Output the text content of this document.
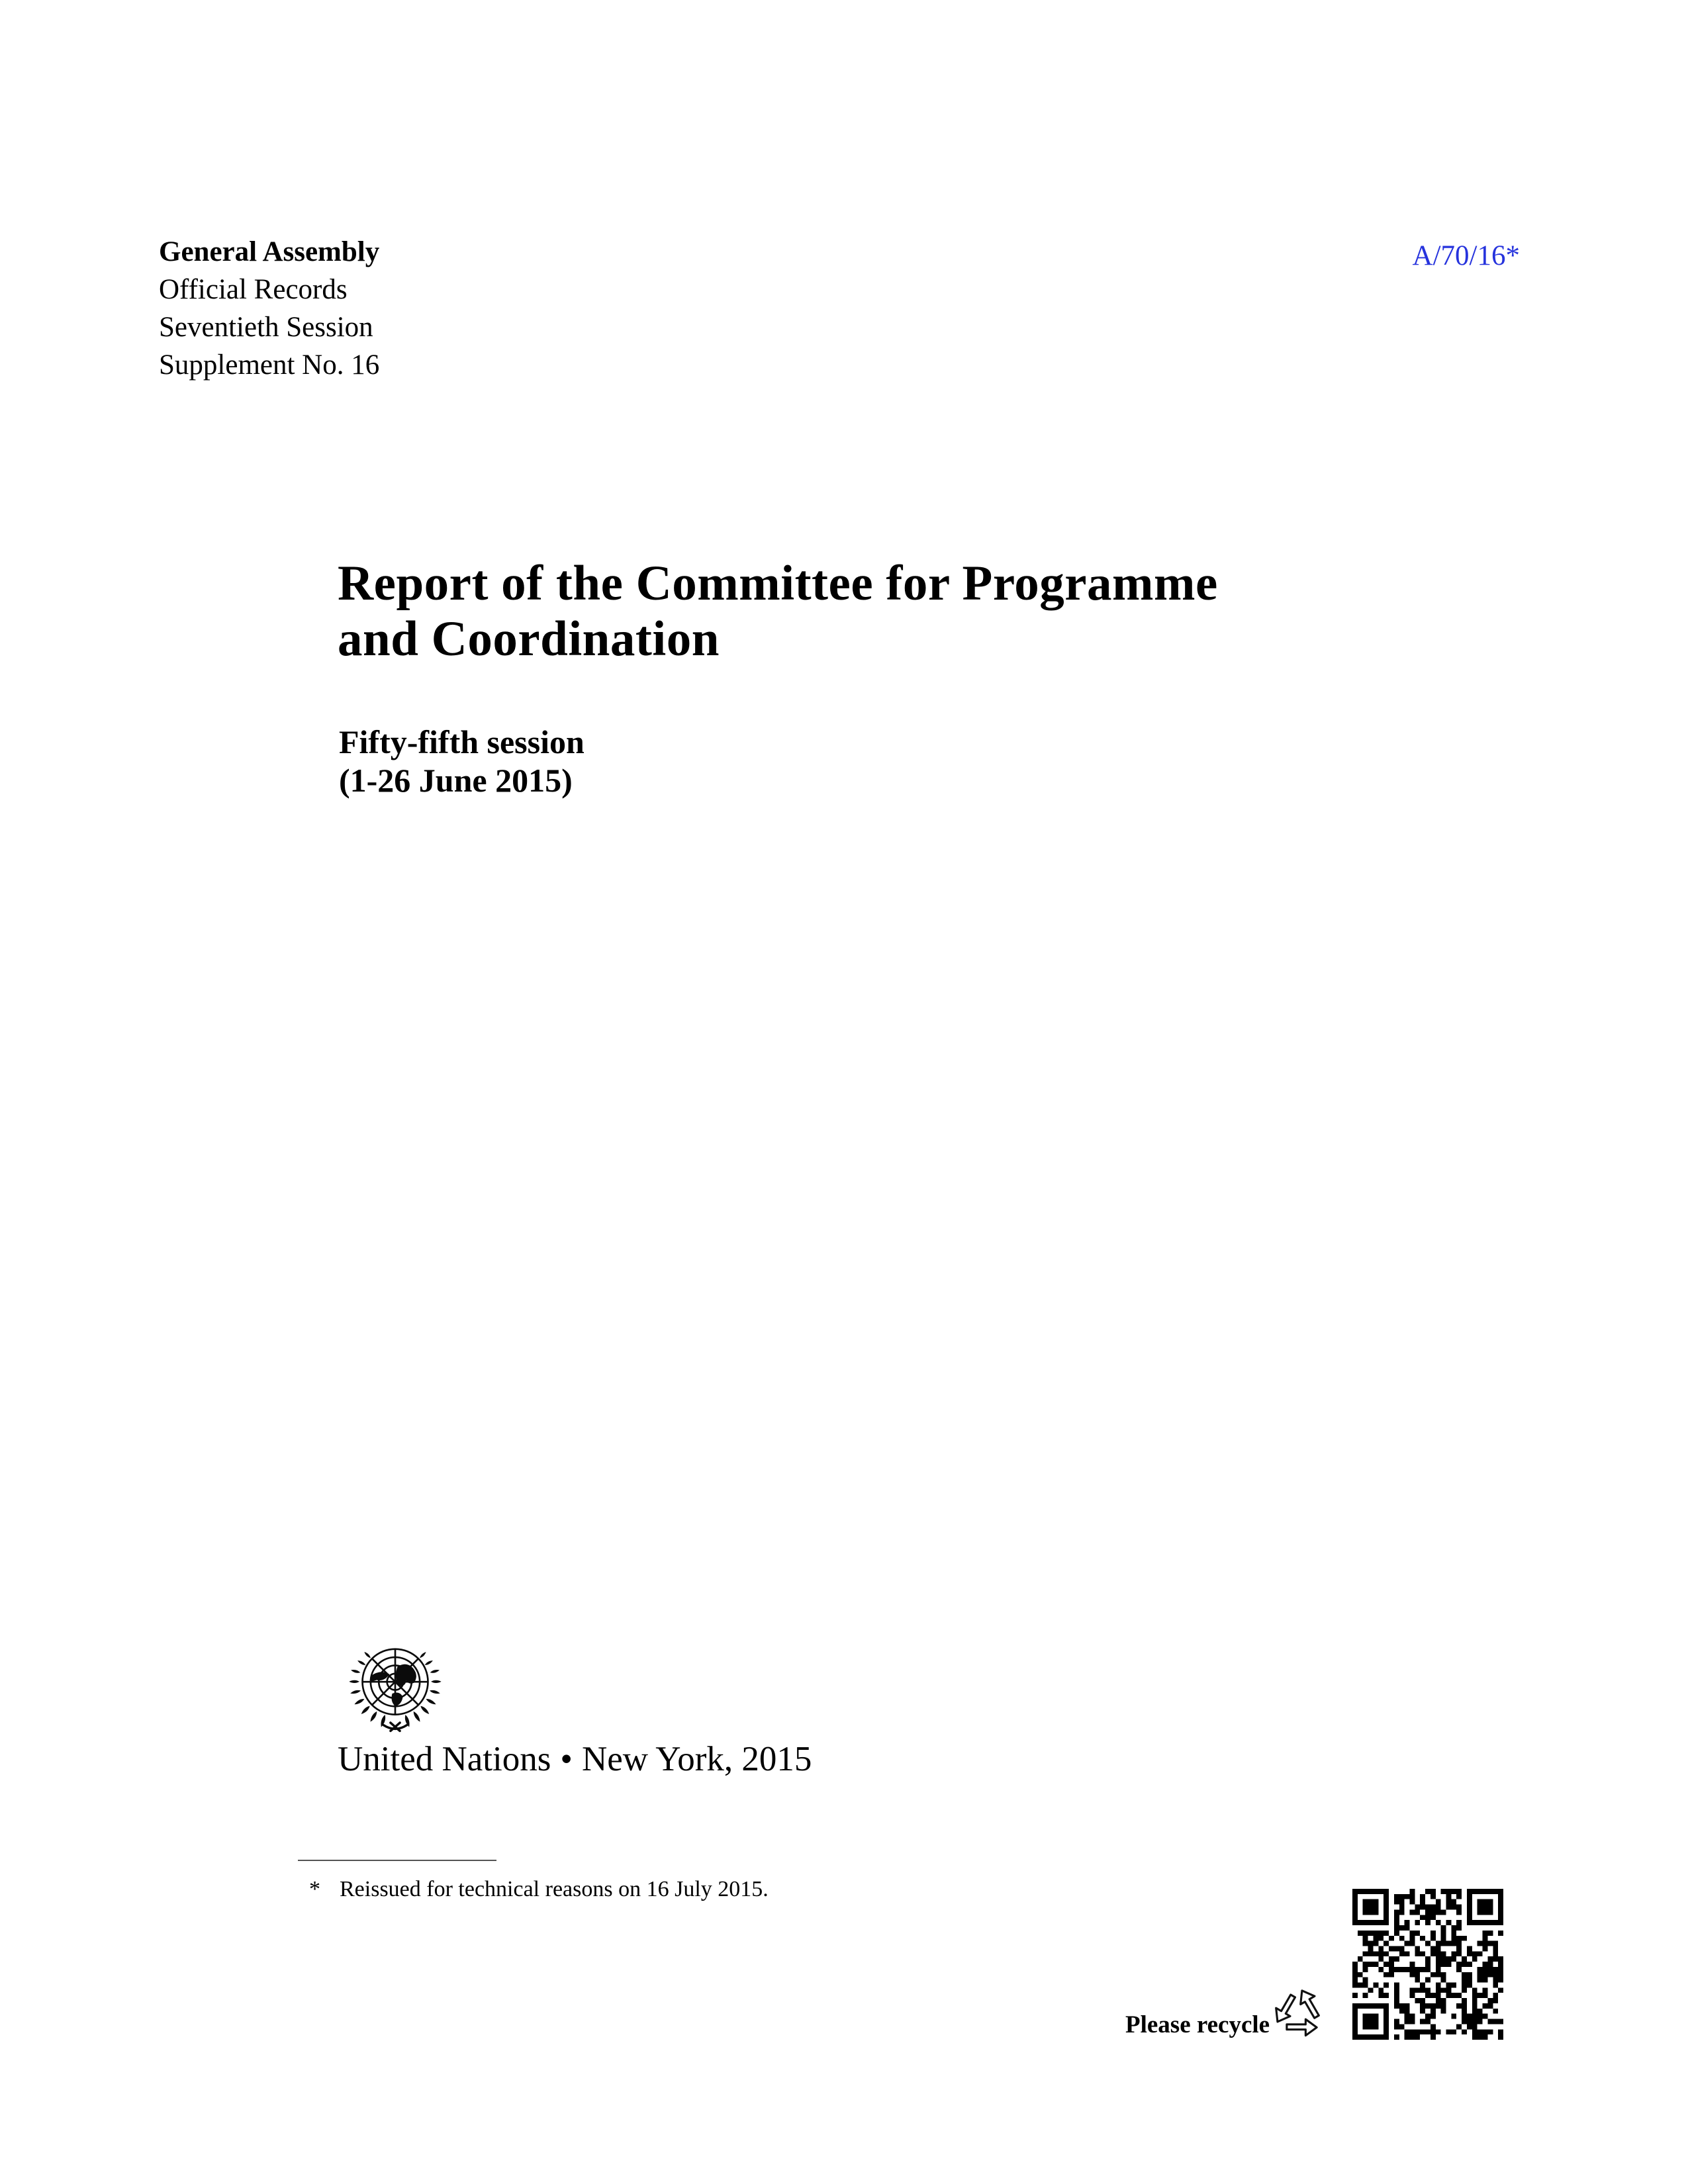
General Assembly
Official Records
Seventieth Session
Supplement No. 16
A/70/16*
Report of the Committee for Programme
and Coordination
Fifty-fifth session
(1-26 June 2015)
United Nations • New York, 2015
* Reissued for technical reasons on 16 July 2015.
Please recycle
